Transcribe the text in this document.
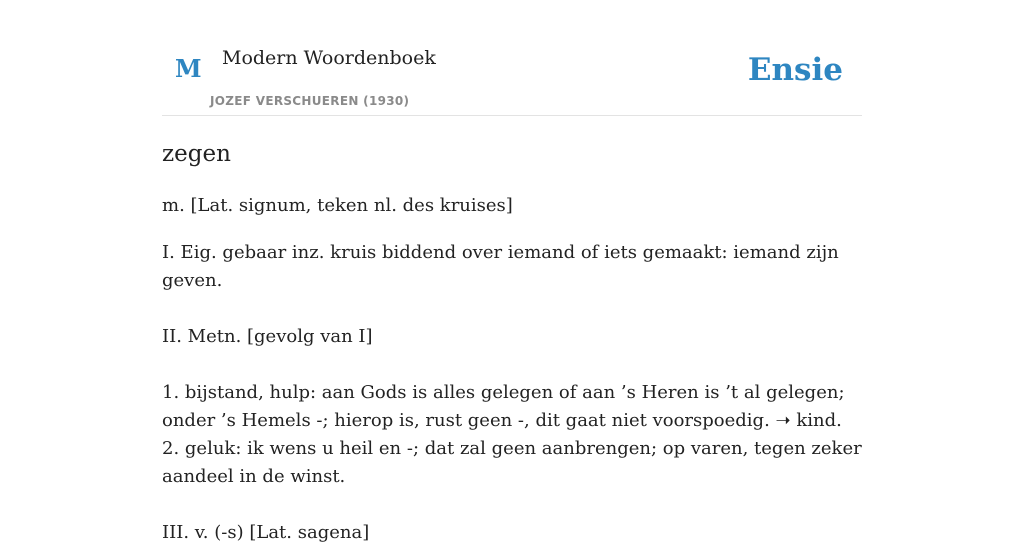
M Modern Woordenboek
JOZEF VERSCHUEREN (1930)
Ensie
zegen

m. [Lat. signum, teken nl. des kruises]

I. Eig. gebaar inz. kruis biddend over iemand of iets gemaakt: iemand zijn geven.

II. Metn. [gevolg van I]

1. bijstand, hulp: aan Gods is alles gelegen of aan ’s Heren is ’t al gelegen; onder ’s Hemels -; hierop is, rust geen -, dit gaat niet voorspoedig. ➝ kind.

2. geluk: ik wens u heil en -; dat zal geen aanbrengen; op varen, tegen zeker aandeel in de winst.

III. v. (-s) [Lat. sagena]
